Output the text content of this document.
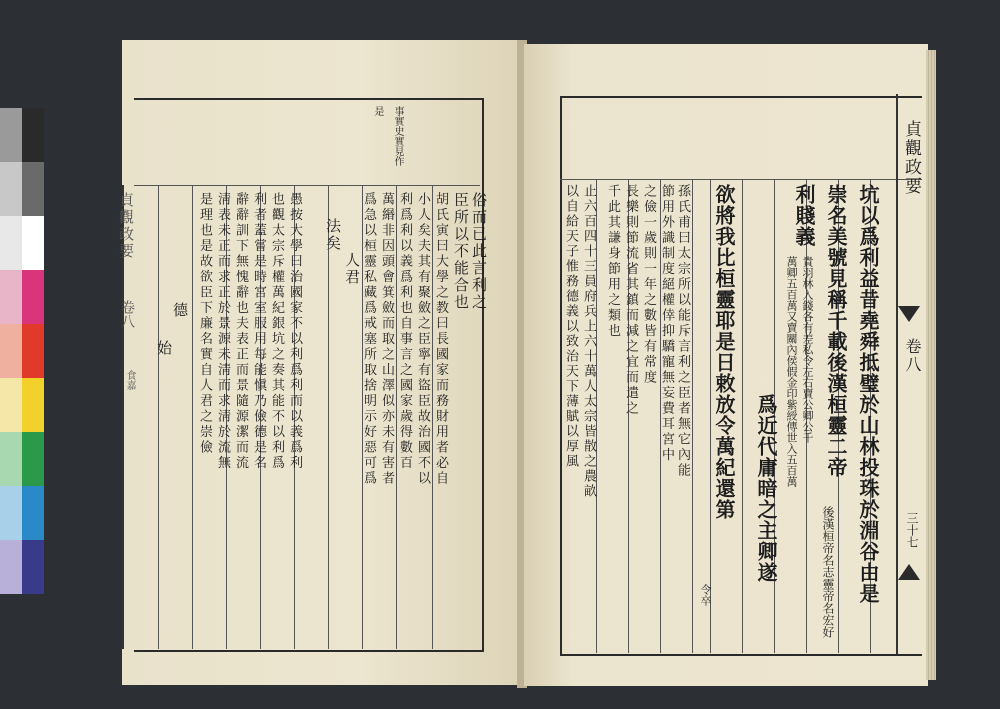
事實史實見作
是
俗而已此言利之
臣所以不能合也
胡氏寅曰大學之教曰長國家而務財用者必自
小人矣夫其有聚斂之臣寧有盜臣故治國不以
利爲利以義爲利也自事言之國家歲得數百
萬緡非因頭會箕斂而取之山澤似亦未有害者
爲急以桓靈私藏爲戒塞所取捨明示好惡可爲
人君
法矣
愚按大學曰治國家不以利爲利而以義爲利
也觀太宗斥權萬紀銀坑之奏其能不以利爲
利者蓋嘗是時宮室服用每能愼乃儉德是名
辭辭訓下無愧辭也夫表正而景隨源潔而流
淸表未正而求正於景源未淸而求淸於流無
是理也是故欲臣下廉名實自人君之崇儉
德
始
貞觀政要
卷八
食嘉	坑以爲利益昔堯舜抵璧於山林投珠於淵谷由是
崇名美號見稱千載後漢桓靈二帝
後漢桓帝名志靈帝名宏好
利賤義
貴羽林入錢各有差私令左右賣公卿公千
萬卿五百萬又賣關內侯假金印紫綬傳世入五百萬
爲近代庸暗之主卿遂
欲將我比桓靈耶是日敕放令萬紀還第
令卒
孫氏甫曰太宗所以能斥言利之臣者無它內能
節用外識制度絕權倖抑驕寵無妄費耳宮中
之儉一歲則一年之數皆有常度
長樂則節流省其鎮而減之宜而遣之
千此其謙身節用之類也
止六百四十三員府兵上六十萬人太宗皆散之農畝
以自給天子惟務德義以致治天下薄賦以厚風
貞觀政要
卷八
三十七
